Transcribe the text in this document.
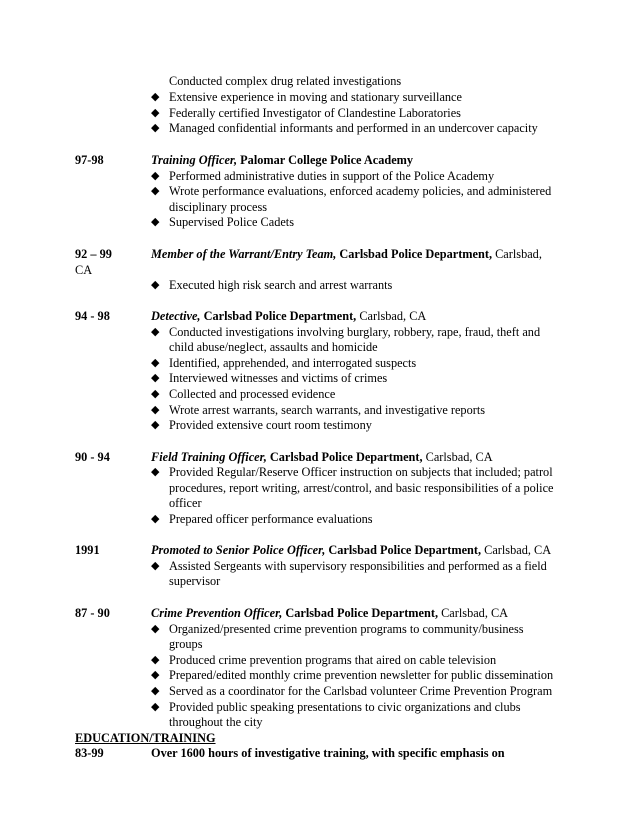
Conducted complex drug related investigations
◆ Extensive experience in moving and stationary surveillance
◆ Federally certified Investigator of Clandestine Laboratories
◆ Managed confidential informants and performed in an undercover capacity
97-98	Training Officer, Palomar College Police Academy
◆ Performed administrative duties in support of the Police Academy
◆ Wrote performance evaluations, enforced academy policies, and administered
disciplinary process
◆ Supervised Police Cadets
92 – 99	Member of the Warrant/Entry Team, Carlsbad Police Department, Carlsbad,
CA
◆ Executed high risk search and arrest warrants
94 - 98	Detective, Carlsbad Police Department, Carlsbad, CA
◆ Conducted investigations involving burglary, robbery, rape, fraud, theft and
child abuse/neglect, assaults and homicide
◆ Identified, apprehended, and interrogated suspects
◆ Interviewed witnesses and victims of crimes
◆ Collected and processed evidence
◆ Wrote arrest warrants, search warrants, and investigative reports
◆ Provided extensive court room testimony
90 - 94	Field Training Officer, Carlsbad Police Department, Carlsbad, CA
◆ Provided Regular/Reserve Officer instruction on subjects that included; patrol
procedures, report writing, arrest/control, and basic responsibilities of a police
officer
◆ Prepared officer performance evaluations
1991	Promoted to Senior Police Officer, Carlsbad Police Department, Carlsbad, CA
◆ Assisted Sergeants with supervisory responsibilities and performed as a field
supervisor
87 - 90	Crime Prevention Officer, Carlsbad Police Department, Carlsbad, CA
◆ Organized/presented crime prevention programs to community/business
groups
◆ Produced crime prevention programs that aired on cable television
◆ Prepared/edited monthly crime prevention newsletter for public dissemination
◆ Served as a coordinator for the Carlsbad volunteer Crime Prevention Program
◆ Provided public speaking presentations to civic organizations and clubs
throughout the city
EDUCATION/TRAINING
83-99	Over 1600 hours of investigative training, with specific emphasis on
